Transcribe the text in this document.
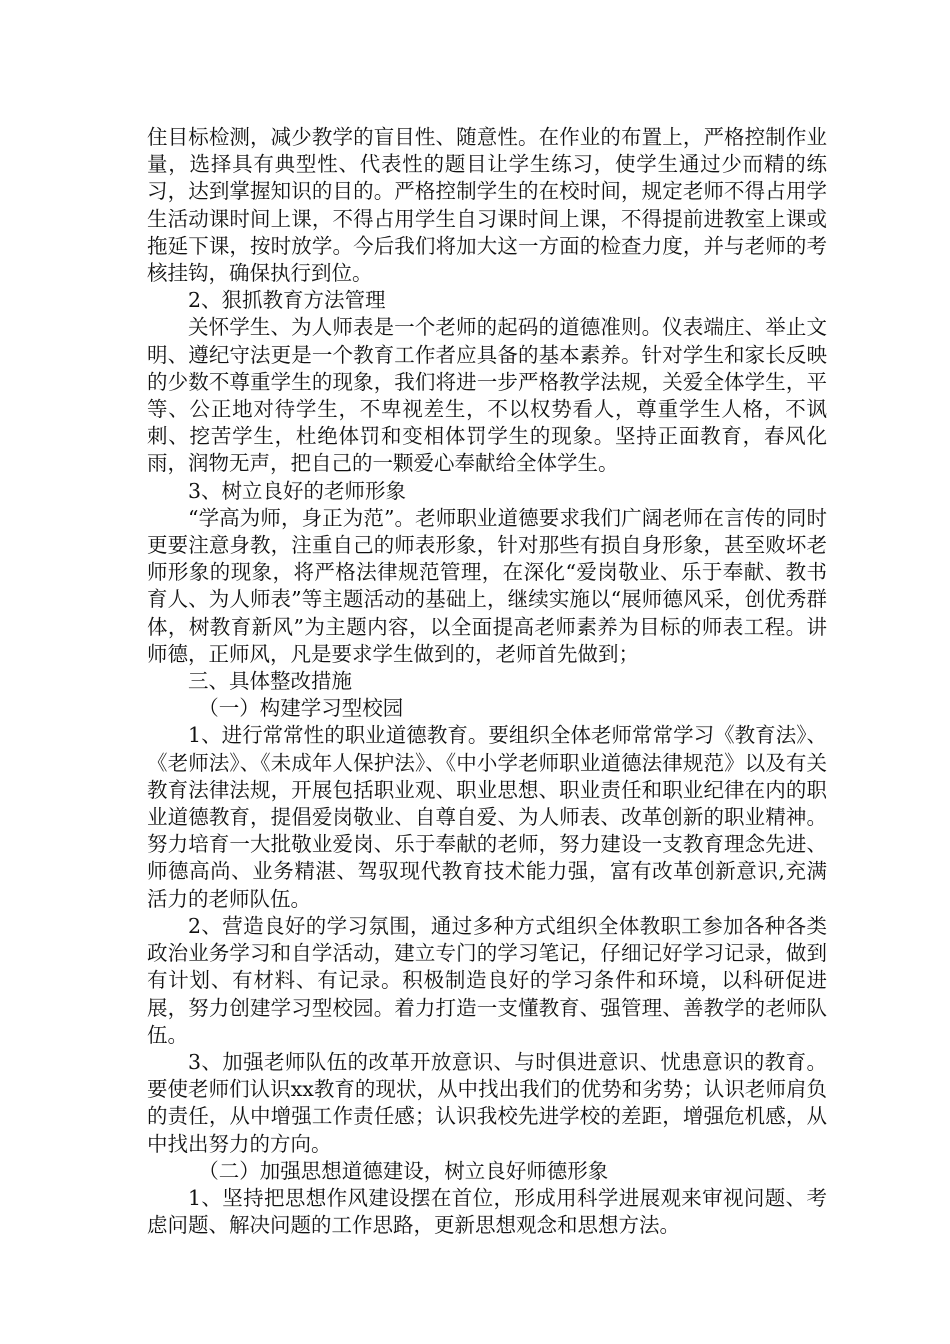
住目标检测，减少教学的盲目性、随意性。在作业的布置上，严格控制作业量，选择具有典型性、代表性的题目让学生练习，使学生通过少而精的练习，达到掌握知识的目的。严格控制学生的在校时间，规定老师不得占用学生活动课时间上课，不得占用学生自习课时间上课，不得提前进教室上课或拖延下课，按时放学。今后我们将加大这一方面的检查力度，并与老师的考核挂钩，确保执行到位。

2、狠抓教育方法管理

关怀学生、为人师表是一个老师的起码的道德准则。仪表端庄、举止文明、遵纪守法更是一个教育工作者应具备的基本素养。针对学生和家长反映的少数不尊重学生的现象，我们将进一步严格教学法规，关爱全体学生，平等、公正地对待学生，不卑视差生，不以权势看人，尊重学生人格，不讽刺、挖苦学生，杜绝体罚和变相体罚学生的现象。坚持正面教育，春风化雨，润物无声，把自己的一颗爱心奉献给全体学生。

3、树立良好的老师形象

“学高为师，身正为范”。老师职业道德要求我们广阔老师在言传的同时更要注意身教，注重自己的师表形象，针对那些有损自身形象，甚至败坏老师形象的现象，将严格法律规范管理，在深化“爱岗敬业、乐于奉献、教书育人、为人师表”等主题活动的基础上，继续实施以“展师德风采，创优秀群体，树教育新风”为主题内容，以全面提高老师素养为目标的师表工程。讲师德，正师风，凡是要求学生做到的，老师首先做到；

三、具体整改措施

（一）构建学习型校园

1、进行常常性的职业道德教育。要组织全体老师常常学习《教育法》、《老师法》、《未成年人保护法》、《中小学老师职业道德法律规范》以及有关教育法律法规，开展包括职业观、职业思想、职业责任和职业纪律在内的职业道德教育，提倡爱岗敬业、自尊自爱、为人师表、改革创新的职业精神。努力培育一大批敬业爱岗、乐于奉献的老师，努力建设一支教育理念先进、师德高尚、业务精湛、驾驭现代教育技术能力强，富有改革创新意识,充满活力的老师队伍。

2、营造良好的学习氛围，通过多种方式组织全体教职工参加各种各类政治业务学习和自学活动，建立专门的学习笔记，仔细记好学习记录，做到有计划、有材料、有记录。积极制造良好的学习条件和环境，以科研促进展，努力创建学习型校园。着力打造一支懂教育、强管理、善教学的老师队伍。

3、加强老师队伍的改革开放意识、与时俱进意识、忧患意识的教育。要使老师们认识xx教育的现状，从中找出我们的优势和劣势；认识老师肩负的责任，从中增强工作责任感；认识我校先进学校的差距，增强危机感，从中找出努力的方向。

（二）加强思想道德建设，树立良好师德形象

1、坚持把思想作风建设摆在首位，形成用科学进展观来审视问题、考虑问题、解决问题的工作思路，更新思想观念和思想方法。
